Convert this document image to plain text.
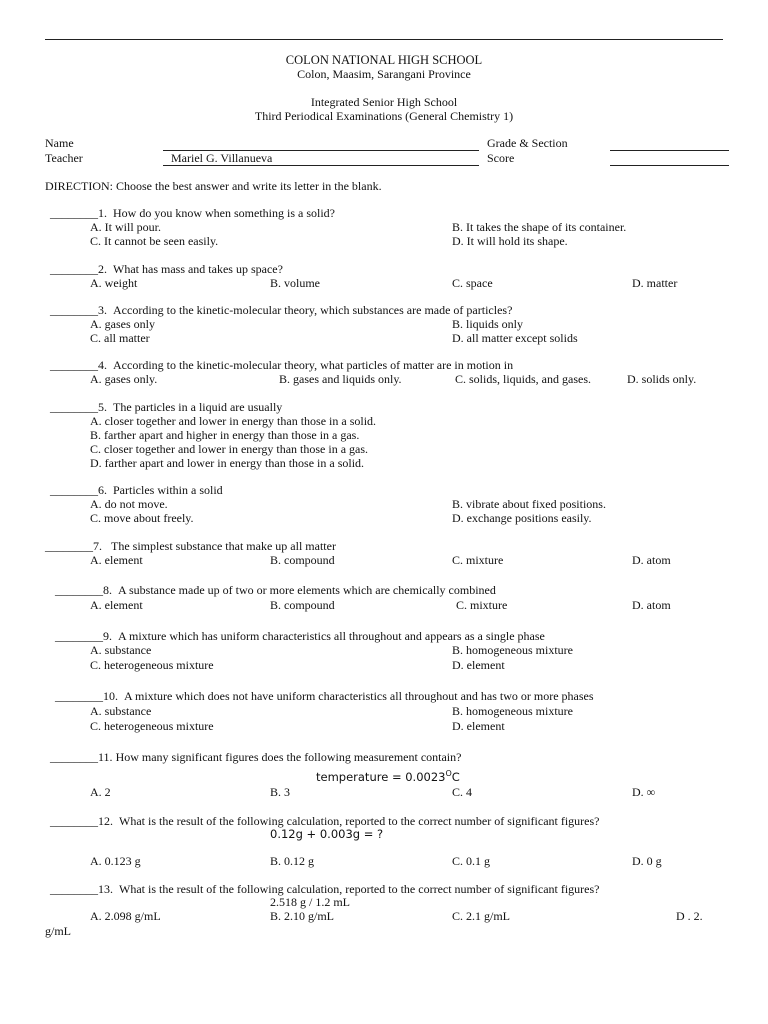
COLON NATIONAL HIGH SCHOOL
Colon, Maasim, Sarangani Province
Integrated Senior High School
Third Periodical Examinations (General Chemistry 1)
Name
Teacher	Mariel G. Villanueva
Grade & Section
Score
DIRECTION: Choose the best answer and write its letter in the blank.
________1. How do you know when something is a solid?
A. It will pour.	B. It takes the shape of its container.
C. It cannot be seen easily.	D. It will hold its shape.
________2. What has mass and takes up space?
A. weight	B. volume	C. space	D. matter
________3. According to the kinetic-molecular theory, which substances are made of particles?
A. gases only	B. liquids only
C. all matter	D. all matter except solids
________4. According to the kinetic-molecular theory, what particles of matter are in motion in
A. gases only.	B. gases and liquids only.	C. solids, liquids, and gases.	D. solids only.
________5. The particles in a liquid are usually
A. closer together and lower in energy than those in a solid.
B. farther apart and higher in energy than those in a gas.
C. closer together and lower in energy than those in a gas.
D. farther apart and lower in energy than those in a solid.
________6. Particles within a solid
A. do not move.	B. vibrate about fixed positions.
C. move about freely.	D. exchange positions easily.
________7. The simplest substance that make up all matter
A. element	B. compound	C. mixture	D. atom
________8. A substance made up of two or more elements which are chemically combined
A. element	B. compound	C. mixture	D. atom
________9. A mixture which has uniform characteristics all throughout and appears as a single phase
A. substance	B. homogeneous mixture
C. heterogeneous mixture	D. element
________10. A mixture which does not have uniform characteristics all throughout and has two or more phases
A. substance	B. homogeneous mixture
C. heterogeneous mixture	D. element
________11. How many significant figures does the following measurement contain?
temperature = $0.0023^OC$
A. 2	B. 3	C. 4	D. ∞
________12. What is the result of the following calculation, reported to the correct number of significant figures?
0.12g + 0.003g = ?
A. 0.123 g	B. 0.12 g	C. 0.1 g	D. 0 g
________13. What is the result of the following calculation, reported to the correct number of significant figures?
2.518 g / 1.2 mL
A. 2.098 g/mL	B. 2.10 g/mL	C. 2.1 g/mL	D . 2.
g/mL
